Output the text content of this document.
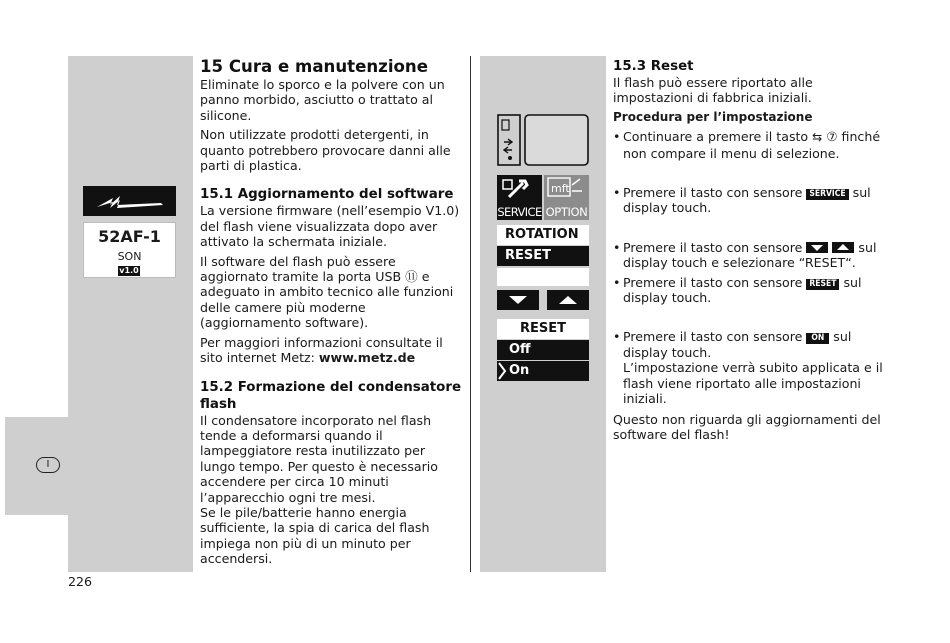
I
52AF-1
SON
v1.0
15 Cura e manutenzione

Eliminate lo sporco e la polvere con un panno morbido, asciutto o trattato al silicone.

Non utilizzate prodotti detergenti, in quanto potrebbero provocare danni alle parti di plastica.

15.1 Aggiornamento del software

La versione firmware (nell’esempio V1.0) del flash viene visualizzata dopo aver attivato la schermata iniziale.

Il software del flash può essere aggiornato tramite la porta USB ⑪ e adeguato in ambito tecnico alle funzioni delle camere più moderne (aggiornamento software).

Per maggiori informazioni consultate il sito internet Metz: www.metz.de

15.2 Formazione del condensatore flash

Il condensatore incorporato nel flash tende a deformarsi quando il lampeggiatore resta inutilizzato per lungo tempo. Per questo è necessario accendere per circa 10 minuti l’apparecchio ogni tre mesi.

Se le pile/batterie hanno energia sufficiente, la spia di carica del flash impiega non più di un minuto per accendersi.

SERVICE
mft
OPTION
ROTATION
RESET
RESET
Off
On
15.3 Reset

Il flash può essere riportato alle impostazioni di fabbrica iniziali.

Procedura per l’impostazione

• Continuare a premere il tasto ⇆ ⑦ finché
non compare il menu di selezione.
• Premere il tasto con sensore SERVICE sul
display touch.
• Premere il tasto con sensore	sul
display touch e selezionare “RESET“.
• Premere il tasto con sensore RESET sul
display touch.
• Premere il tasto con sensore ON sul
display touch.

L’impostazione verrà subito applicata e il flash viene riportato alle impostazioni iniziali.

Questo non riguarda gli aggiornamenti del software del flash!

226
